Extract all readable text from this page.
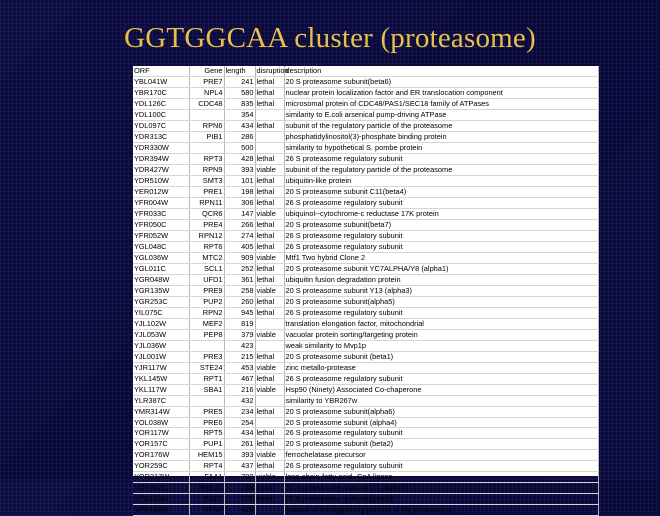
GGTGGCAA cluster (proteasome)
ORF	Gene	length	disruption	description
YBL041W	PRE7	241	lethal	20 S proteasome subunit(beta6)
YBR170C	NPL4	580	lethal	nuclear protein localization factor and ER translocation component
YDL126C	CDC48	835	lethal	microsomal protein of CDC48/PAS1/SEC18 family of ATPases
YDL100C		354		similarity to E.coli arsenical pump-driving ATPase
YDL097C	RPN6	434	lethal	subunit of the regulatory particle of the proteasome
YDR313C	PIB1	286		phosphatidylinositol(3)-phosphate binding protein
YDR330W		500		similarity to hypothetical S. pombe protein
YDR394W	RPT3	428	lethal	26 S proteasome regulatory subunit
YDR427W	RPN9	393	viable	subunit of the regulatory particle of the proteasome
YDR510W	SMT3	101	lethal	ubiquitin-like protein
YER012W	PRE1	198	lethal	20 S proteasome subunit C11(beta4)
YFR004W	RPN11	306	lethal	26 S proteasome regulatory subunit
YFR033C	QCR6	147	viable	ubiquinol--cytochrome-c reductase 17K protein
YFR050C	PRE4	266	lethal	20 S proteasome subunit(beta7)
YFR052W	RPN12	274	lethal	26 S proteasome regulatory subunit
YGL048C	RPT6	405	lethal	26 S proteasome regulatory subunit
YGL036W	MTC2	909	viable	Mtf1 Two hybrid Clone 2
YGL011C	SCL1	252	lethal	20 S proteasome subunit YC7ALPHA/Y8 (alpha1)
YGR048W	UFD1	361	lethal	ubiquitin fusion degradation protein
YGR135W	PRE9	258	viable	20 S proteasome subunit Y13 (alpha3)
YGR253C	PUP2	260	lethal	20 S proteasome subunit(alpha5)
YIL075C	RPN2	945	lethal	26 S proteasome regulatory subunit
YJL102W	MEF2	819		translation elongation factor, mitochondrial
YJL053W	PEP8	379	viable	vacuolar protein sorting/targeting protein
YJL036W		423		weak similarity to Mvp1p
YJL001W	PRE3	215	lethal	20 S proteasome subunit (beta1)
YJR117W	STE24	453	viable	zinc metallo-protease
YKL145W	RPT1	467	lethal	26 S proteasome regulatory subunit
YKL117W	SBA1	216	viable	Hsp90 (Ninety) Associated Co-chaperone
YLR387C		432		similarity to YBR267w
YMR314W	PRE5	234	lethal	20 S proteasome subunit(alpha6)
YOL038W	PRE6	254		20 S proteasome subunit (alpha4)
YOR117W	RPT5	434	lethal	26 S proteasome regulatory subunit
YOR157C	PUP1	261	lethal	20 S proteasome subunit (beta2)
YOR176W	HEM15	393	viable	ferrochelatase precursor
YOR259C	RPT4	437	lethal	26 S proteasome regulatory subunit
YOR317W	FAA1	700	viable	long-chain-fatty-acid--CoA ligase
YOR362C	PRE10	288	lethal	20 S proteasome subunit C1 (alpha7)
YPR103W	PRE2	287	lethal	20 S proteasome subunit (beta5)
YPR108W	RPN7	429		subunit of the regulatory particle of the proteasome
